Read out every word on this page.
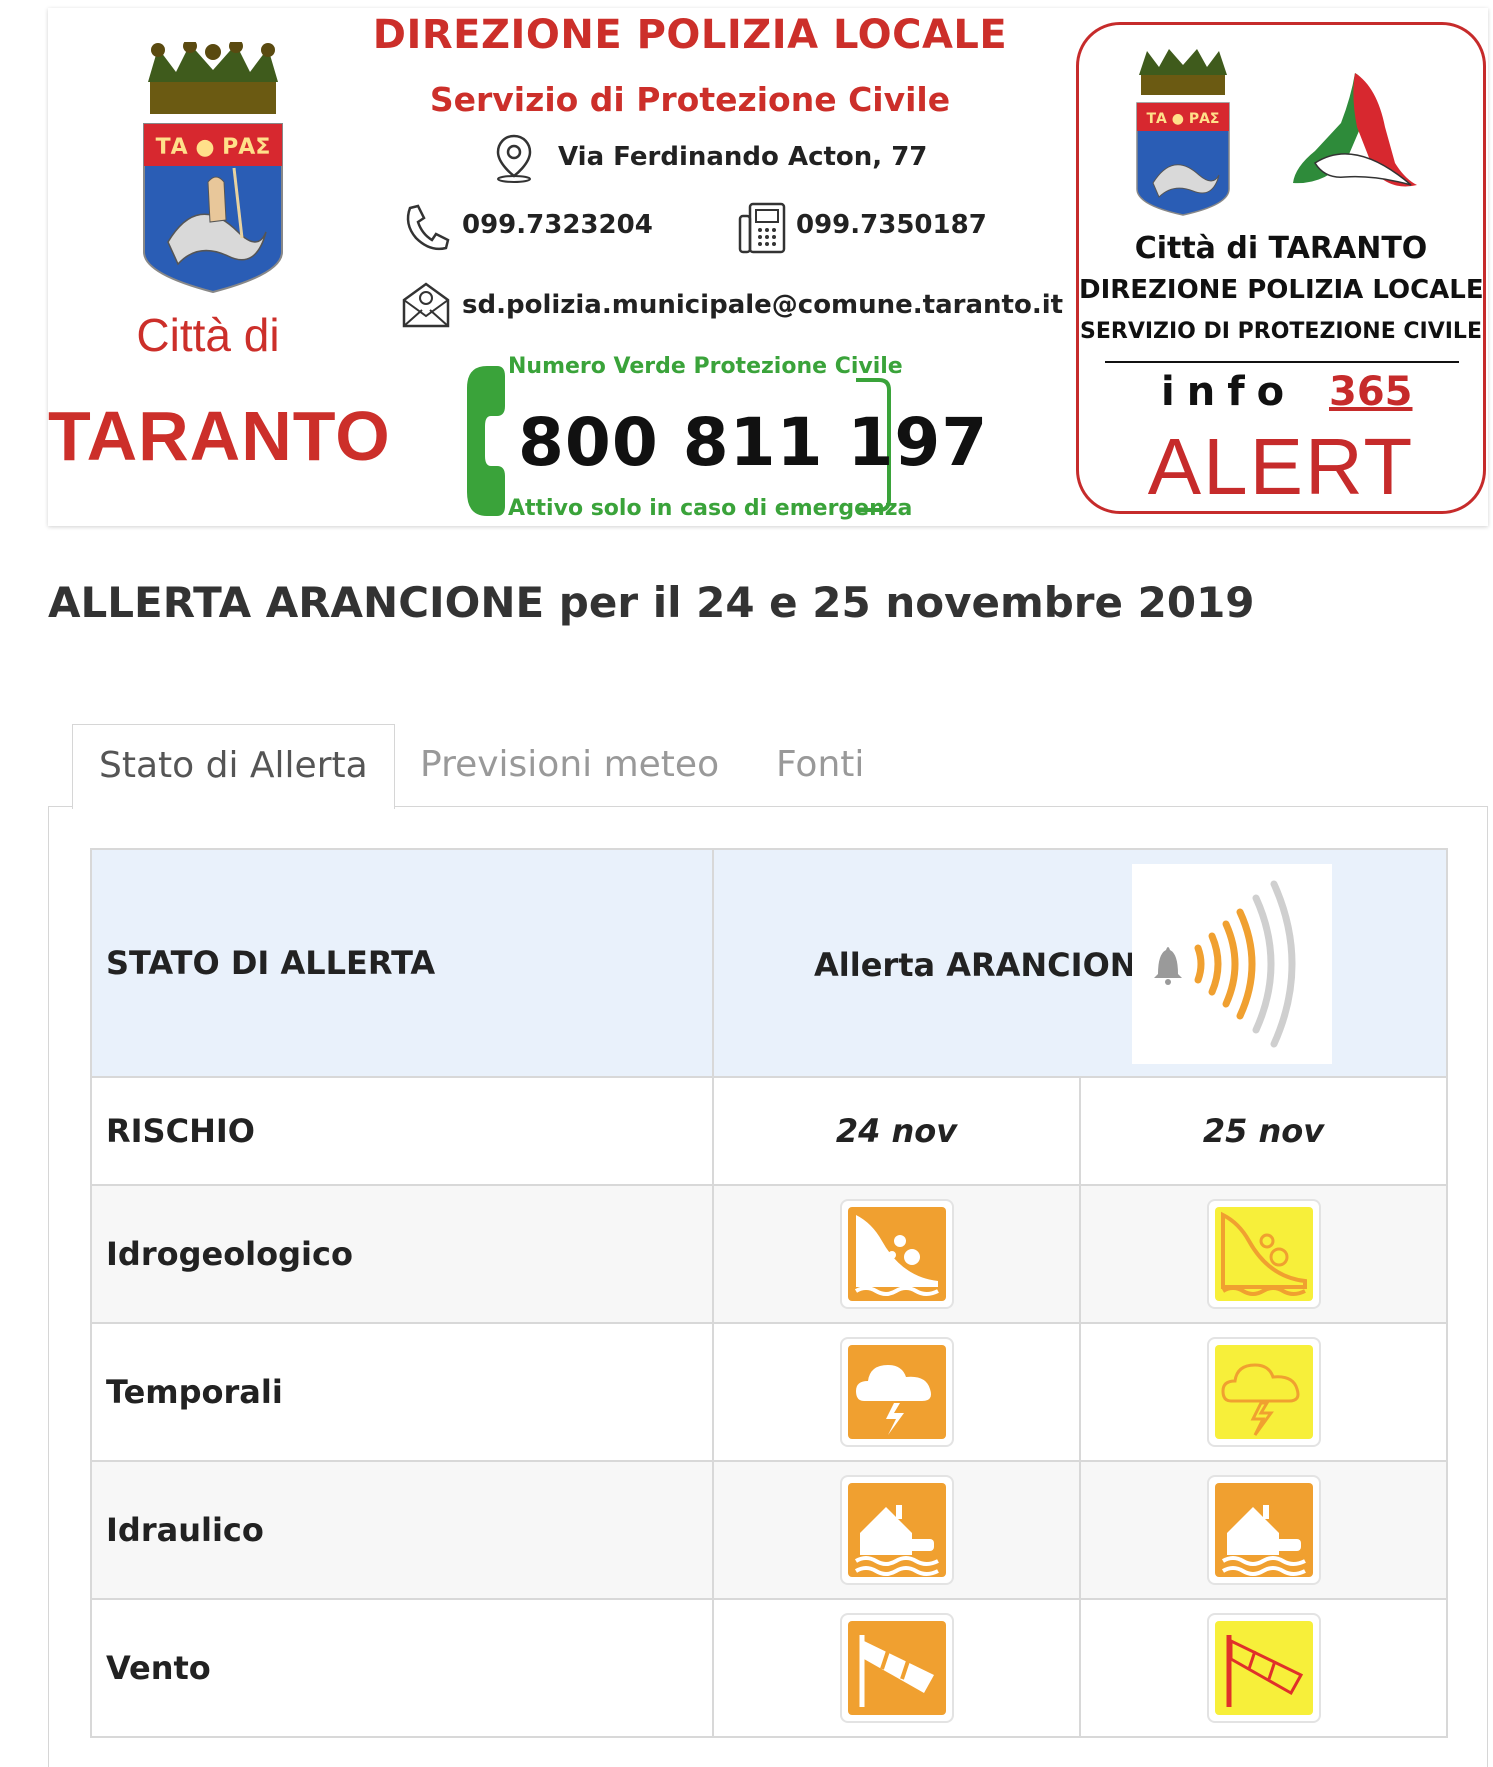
ΤΑ ● ΡΑΣ
Città di
TARANTO
DIREZIONE POLIZIA LOCALE
Servizio di Protezione Civile
Via Ferdinando Acton, 77
099.7323204	099.7350187
sd.polizia.municipale@comune.taranto.it
Numero Verde Protezione Civile
800 811 197
Attivo solo in caso di emergenza
ΤΑ ● ΡΑΣ
Città di TARANTO
DIREZIONE POLIZIA LOCALE
SERVIZIO DI PROTEZIONE CIVILE
info 365
ALERT
ALLERTA ARANCIONE per il 24 e 25 novembre 2019
Stato di Allerta	Previsioni meteo Fonti
STATO DI ALLERTA	Allerta ARANCIONE	

RISCHIO	24 nov	25 nov
Idrogeologico		
Temporali		
Idraulico		
Vento		
